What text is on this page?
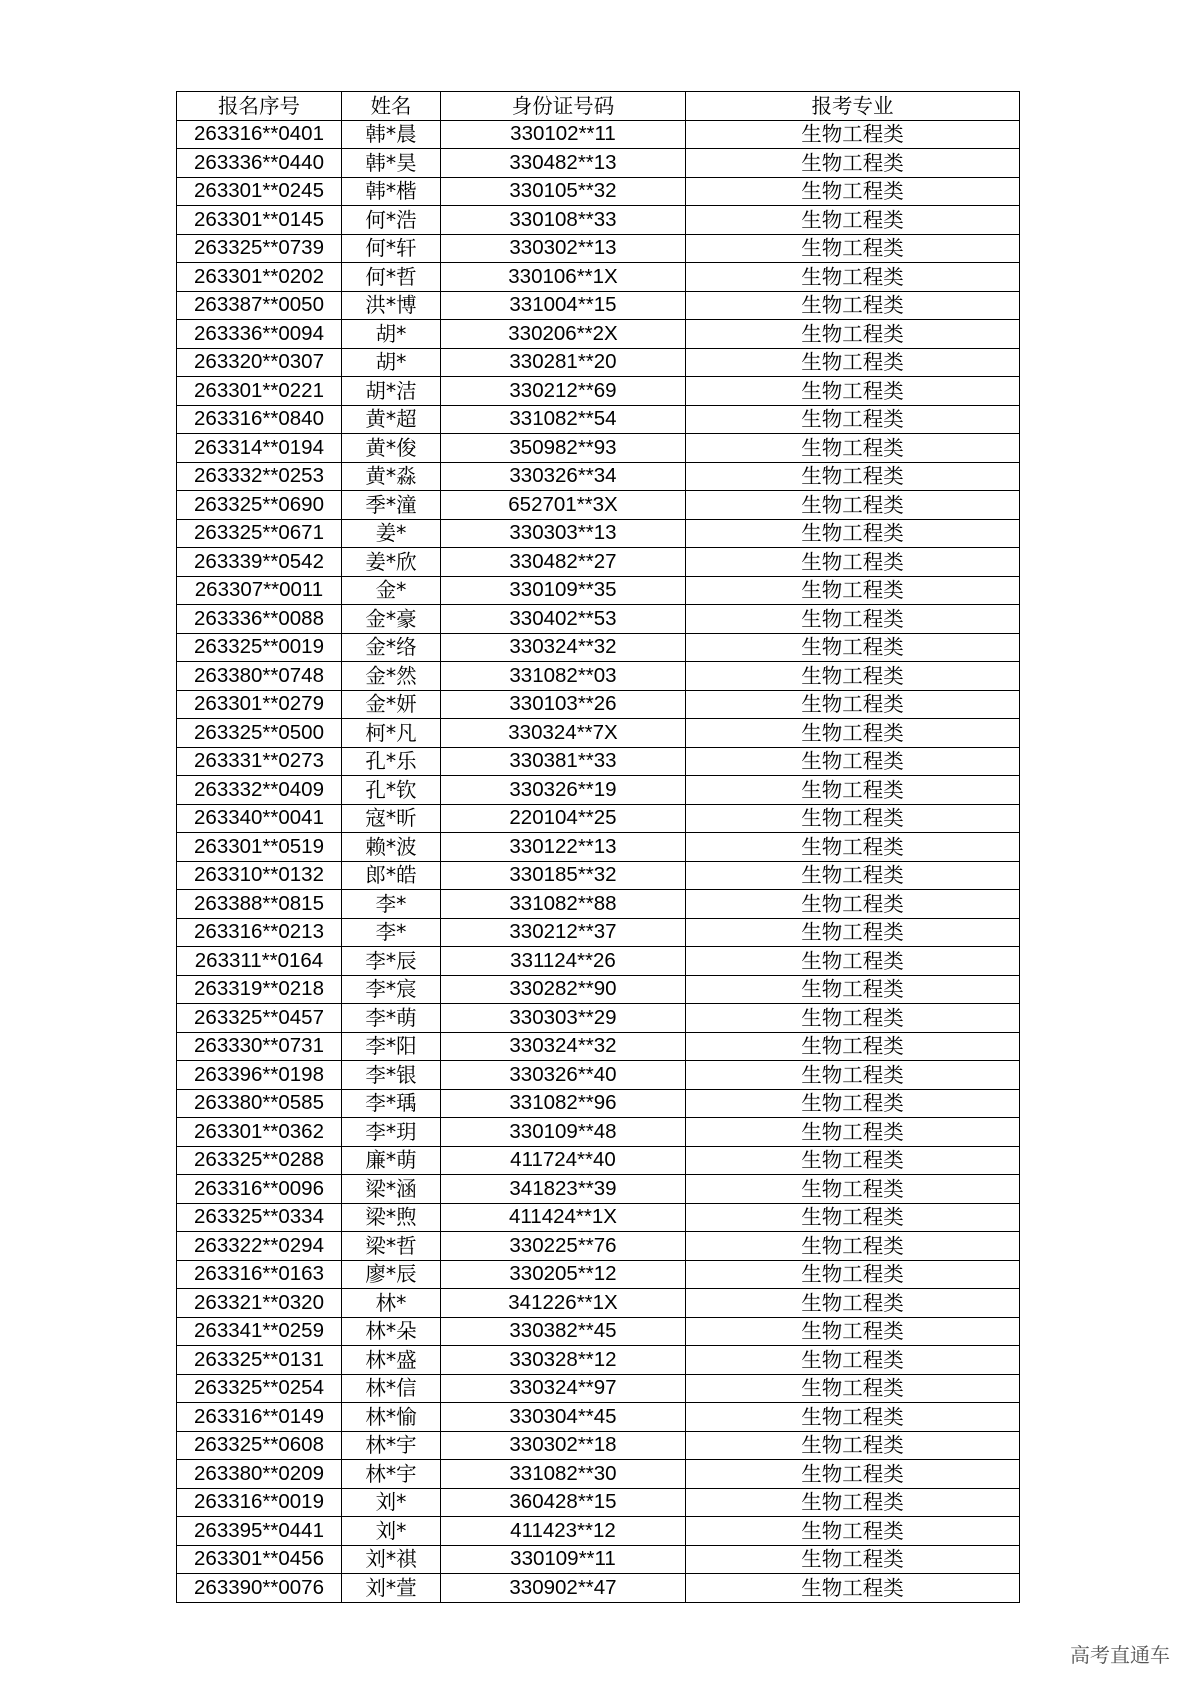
报名序号	姓名	身份证号码	报考专业
263316**0401	韩*晨	330102**11	生物工程类
263336**0440	韩*昊	330482**13	生物工程类
263301**0245	韩*楷	330105**32	生物工程类
263301**0145	何*浩	330108**33	生物工程类
263325**0739	何*轩	330302**13	生物工程类
263301**0202	何*哲	330106**1X	生物工程类
263387**0050	洪*博	331004**15	生物工程类
263336**0094	胡*	330206**2X	生物工程类
263320**0307	胡*	330281**20	生物工程类
263301**0221	胡*洁	330212**69	生物工程类
263316**0840	黄*超	331082**54	生物工程类
263314**0194	黄*俊	350982**93	生物工程类
263332**0253	黄*淼	330326**34	生物工程类
263325**0690	季*潼	652701**3X	生物工程类
263325**0671	姜*	330303**13	生物工程类
263339**0542	姜*欣	330482**27	生物工程类
263307**0011	金*	330109**35	生物工程类
263336**0088	金*豪	330402**53	生物工程类
263325**0019	金*络	330324**32	生物工程类
263380**0748	金*然	331082**03	生物工程类
263301**0279	金*妍	330103**26	生物工程类
263325**0500	柯*凡	330324**7X	生物工程类
263331**0273	孔*乐	330381**33	生物工程类
263332**0409	孔*钦	330326**19	生物工程类
263340**0041	寇*昕	220104**25	生物工程类
263301**0519	赖*波	330122**13	生物工程类
263310**0132	郎*皓	330185**32	生物工程类
263388**0815	李*	331082**88	生物工程类
263316**0213	李*	330212**37	生物工程类
263311**0164	李*辰	331124**26	生物工程类
263319**0218	李*宸	330282**90	生物工程类
263325**0457	李*萌	330303**29	生物工程类
263330**0731	李*阳	330324**32	生物工程类
263396**0198	李*银	330326**40	生物工程类
263380**0585	李*瑀	331082**96	生物工程类
263301**0362	李*玥	330109**48	生物工程类
263325**0288	廉*萌	411724**40	生物工程类
263316**0096	梁*涵	341823**39	生物工程类
263325**0334	梁*煦	411424**1X	生物工程类
263322**0294	梁*哲	330225**76	生物工程类
263316**0163	廖*辰	330205**12	生物工程类
263321**0320	林*	341226**1X	生物工程类
263341**0259	林*朵	330382**45	生物工程类
263325**0131	林*盛	330328**12	生物工程类
263325**0254	林*信	330324**97	生物工程类
263316**0149	林*愉	330304**45	生物工程类
263325**0608	林*宇	330302**18	生物工程类
263380**0209	林*宇	331082**30	生物工程类
263316**0019	刘*	360428**15	生物工程类
263395**0441	刘*	411423**12	生物工程类
263301**0456	刘*祺	330109**11	生物工程类
263390**0076	刘*萱	330902**47	生物工程类
高考直通车
